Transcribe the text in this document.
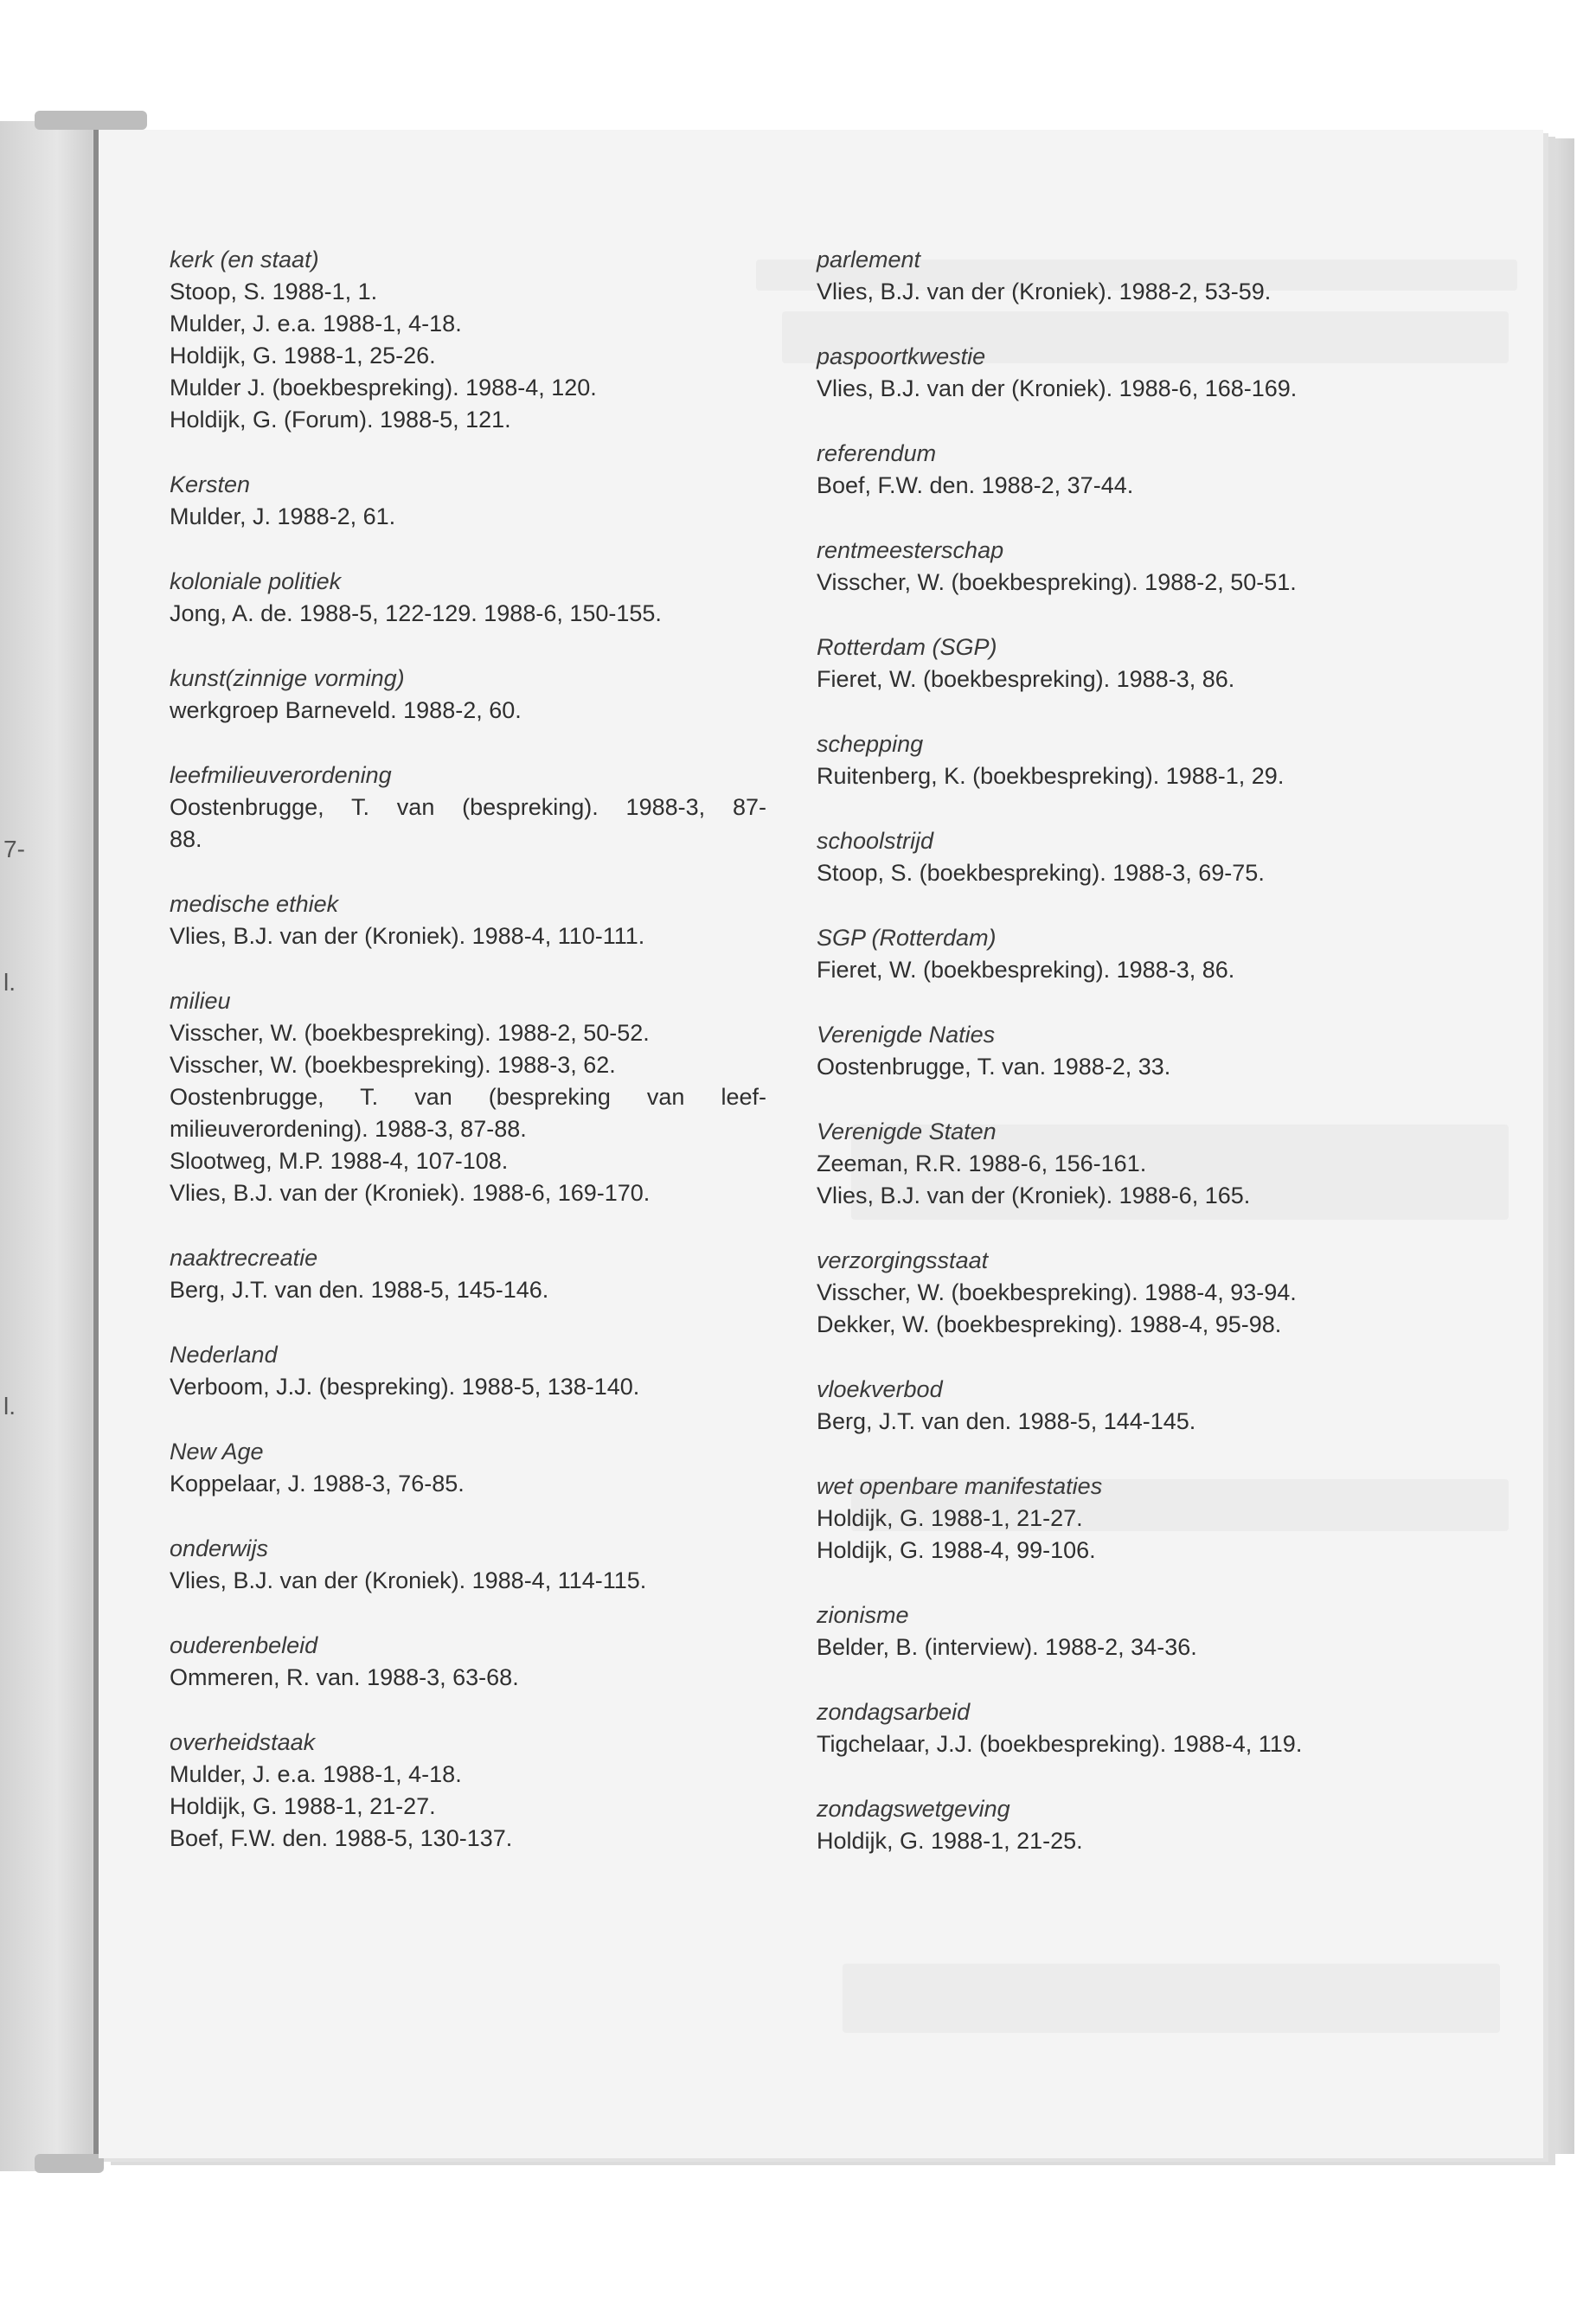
7-
l.
l.

kerk (en staat)

Stoop, S. 1988-1, 1.

Mulder, J. e.a. 1988-1, 4-18.

Holdijk, G. 1988-1, 25-26.

Mulder J. (boekbespreking). 1988-4, 120.

Holdijk, G. (Forum). 1988-5, 121.

Kersten

Mulder, J. 1988-2, 61.

koloniale politiek

Jong, A. de. 1988-5, 122-129. 1988-6, 150-155.

kunst(zinnige vorming)

werkgroep Barneveld. 1988-2, 60.

leefmilieuverordening

Oostenbrugge, T. van (bespreking). 1988-3, 87-

88.

medische ethiek

Vlies, B.J. van der (Kroniek). 1988-4, 110-111.

milieu

Visscher, W. (boekbespreking). 1988-2, 50-52.

Visscher, W. (boekbespreking). 1988-3, 62.

Oostenbrugge, T. van (bespreking van leef-

milieuverordening). 1988-3, 87-88.

Slootweg, M.P. 1988-4, 107-108.

Vlies, B.J. van der (Kroniek). 1988-6, 169-170.

naaktrecreatie

Berg, J.T. van den. 1988-5, 145-146.

Nederland

Verboom, J.J. (bespreking). 1988-5, 138-140.

New Age

Koppelaar, J. 1988-3, 76-85.

onderwijs

Vlies, B.J. van der (Kroniek). 1988-4, 114-115.

ouderenbeleid

Ommeren, R. van. 1988-3, 63-68.

overheidstaak

Mulder, J. e.a. 1988-1, 4-18.

Holdijk, G. 1988-1, 21-27.

Boef, F.W. den. 1988-5, 130-137.

parlement

Vlies, B.J. van der (Kroniek). 1988-2, 53-59.

paspoortkwestie

Vlies, B.J. van der (Kroniek). 1988-6, 168-169.

referendum

Boef, F.W. den. 1988-2, 37-44.

rentmeesterschap

Visscher, W. (boekbespreking). 1988-2, 50-51.

Rotterdam (SGP)

Fieret, W. (boekbespreking). 1988-3, 86.

schepping

Ruitenberg, K. (boekbespreking). 1988-1, 29.

schoolstrijd

Stoop, S. (boekbespreking). 1988-3, 69-75.

SGP (Rotterdam)

Fieret, W. (boekbespreking). 1988-3, 86.

Verenigde Naties

Oostenbrugge, T. van. 1988-2, 33.

Verenigde Staten

Zeeman, R.R. 1988-6, 156-161.

Vlies, B.J. van der (Kroniek). 1988-6, 165.

verzorgingsstaat

Visscher, W. (boekbespreking). 1988-4, 93-94.

Dekker, W. (boekbespreking). 1988-4, 95-98.

vloekverbod

Berg, J.T. van den. 1988-5, 144-145.

wet openbare manifestaties

Holdijk, G. 1988-1, 21-27.

Holdijk, G. 1988-4, 99-106.

zionisme

Belder, B. (interview). 1988-2, 34-36.

zondagsarbeid

Tigchelaar, J.J. (boekbespreking). 1988-4, 119.

zondagswetgeving

Holdijk, G. 1988-1, 21-25.
